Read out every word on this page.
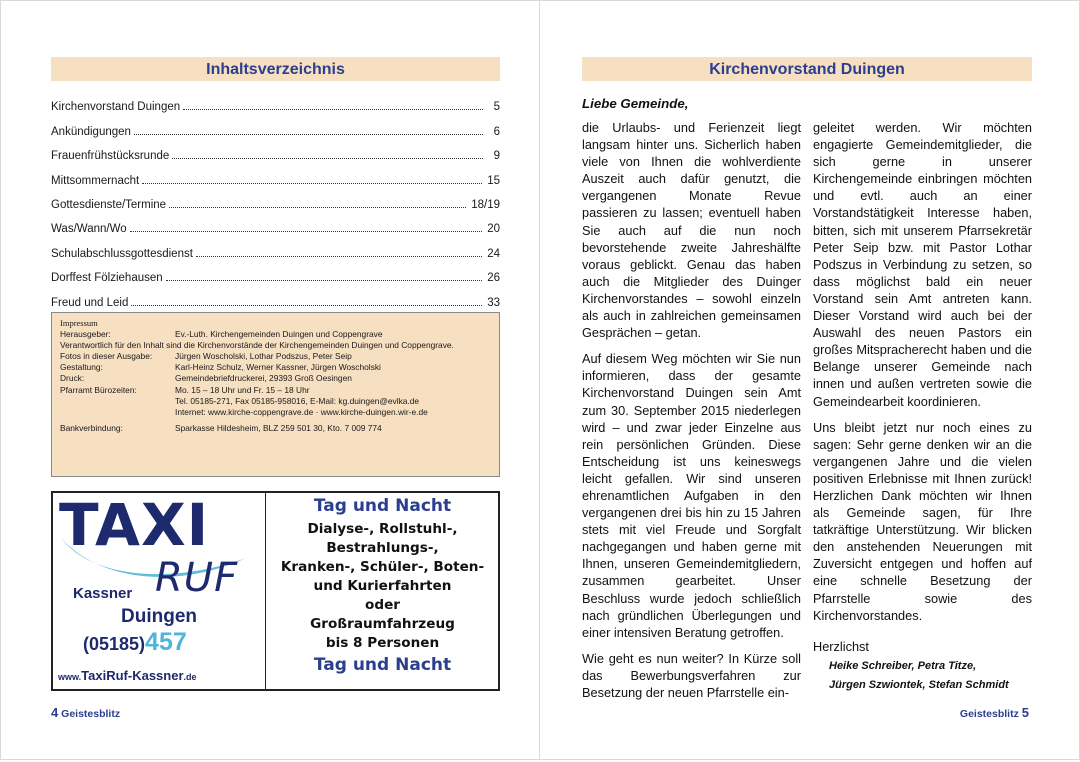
Inhaltsverzeichnis
Kirchenvorstand Duingen	5
Ankündigungen	6
Frauenfrühstücksrunde	9
Mittsommernacht	15
Gottesdienste/Termine	18/19
Was/Wann/Wo	20
Schulabschlussgottesdienst	24
Dorffest Fölziehausen	26
Freud und Leid	33
Impressum
Herausgeber:	Ev.-Luth. Kirchengemeinden Duingen und Coppengrave
Verantwortlich für den Inhalt sind die Kirchenvorstände der Kirchengemeinden Duingen und Coppengrave.
Fotos in dieser Ausgabe:	Jürgen Woscholski, Lothar Podszus, Peter Seip
Gestaltung:	Karl-Heinz Schulz, Werner Kassner, Jürgen Woscholski
Druck:	Gemeindebriefdruckerei, 29393 Groß Oesingen
Pfarramt Bürozeiten:	Mo. 15 – 18 Uhr und Fr. 15 – 18 Uhr
Tel. 05185-271, Fax 05185-958016, E-Mail: kg.duingen@evlka.de
Internet: www.kirche-coppengrave.de · www.kirche-duingen.wir-e.de
Bankverbindung:	Sparkasse Hildesheim, BLZ 259 501 30, Kto. 7 009 774
TAXI
RUF
Kassner
Duingen
(05185)457
www.TaxiRuf-Kassner.de
Tag und Nacht
Dialyse-, Rollstuhl-,
Bestrahlungs-,
Kranken-, Schüler-, Boten-
und Kurierfahrten
oder
Großraumfahrzeug
bis 8 Personen
Tag und Nacht
4 Geistesblitz
Kirchenvorstand Duingen
Geistesblitz 5
Liebe Gemeinde,

die Urlaubs- und Ferienzeit liegt langsam hinter uns. Sicherlich haben viele von Ihnen die wohlverdiente Auszeit auch dafür genutzt, die vergangenen Monate Revue passieren zu lassen; eventuell haben Sie auch auf die nun noch bevorstehende zweite Jahreshälfte voraus geblickt. Genau das haben auch die Mitglieder des Duinger Kirchenvorstandes – sowohl einzeln als auch in zahlreichen gemeinsamen Gesprächen – getan.

Auf diesem Weg möchten wir Sie nun informieren, dass der gesamte Kirchenvorstand Duingen sein Amt zum 30. September 2015 niederlegen wird – und zwar jeder Einzelne aus rein persönlichen Gründen. Diese Entscheidung ist uns keineswegs leicht gefallen. Wir sind unseren ehrenamtlichen Aufgaben in den vergangenen drei bis hin zu 15 Jahren stets mit viel Freude und Sorgfalt nachgegangen und haben gerne mit Ihnen, unseren Gemeindemitgliedern, zusammen gearbeitet. Unser Beschluss wurde jedoch schließlich nach gründlichen Überlegungen und einer intensiven Beratung getroffen.

Wie geht es nun weiter? In Kürze soll das Bewerbungsverfahren zur Besetzung der neuen Pfarrstelle ein-

geleitet werden. Wir möchten engagierte Gemeindemitglieder, die sich gerne in unserer Kirchengemeinde einbringen möchten und evtl. auch an einer Vorstandstätigkeit Interesse haben, bitten, sich mit unserem Pfarrsekretär Peter Seip bzw. mit Pastor Lothar Podszus in Verbindung zu setzen, so dass möglichst bald ein neuer Vorstand sein Amt antreten kann. Dieser Vorstand wird auch bei der Auswahl des neuen Pastors ein großes Mitspracherecht haben und die Belange unserer Gemeinde nach innen und außen vertreten sowie die Gemeindearbeit koordinieren.

Uns bleibt jetzt nur noch eines zu sagen: Sehr gerne denken wir an die vergangenen Jahre und die vielen positiven Erlebnisse mit Ihnen zurück! Herzlichen Dank möchten wir Ihnen als Gemeinde sagen, für Ihre tatkräftige Unterstützung. Wir blicken den anstehenden Neuerungen mit Zuversicht entgegen und hoffen auf eine schnelle Besetzung der Pfarrstelle sowie des Kirchenvorstandes.

Herzlichst

Heike Schreiber, Petra Titze,
Jürgen Szwiontek, Stefan Schmidt
